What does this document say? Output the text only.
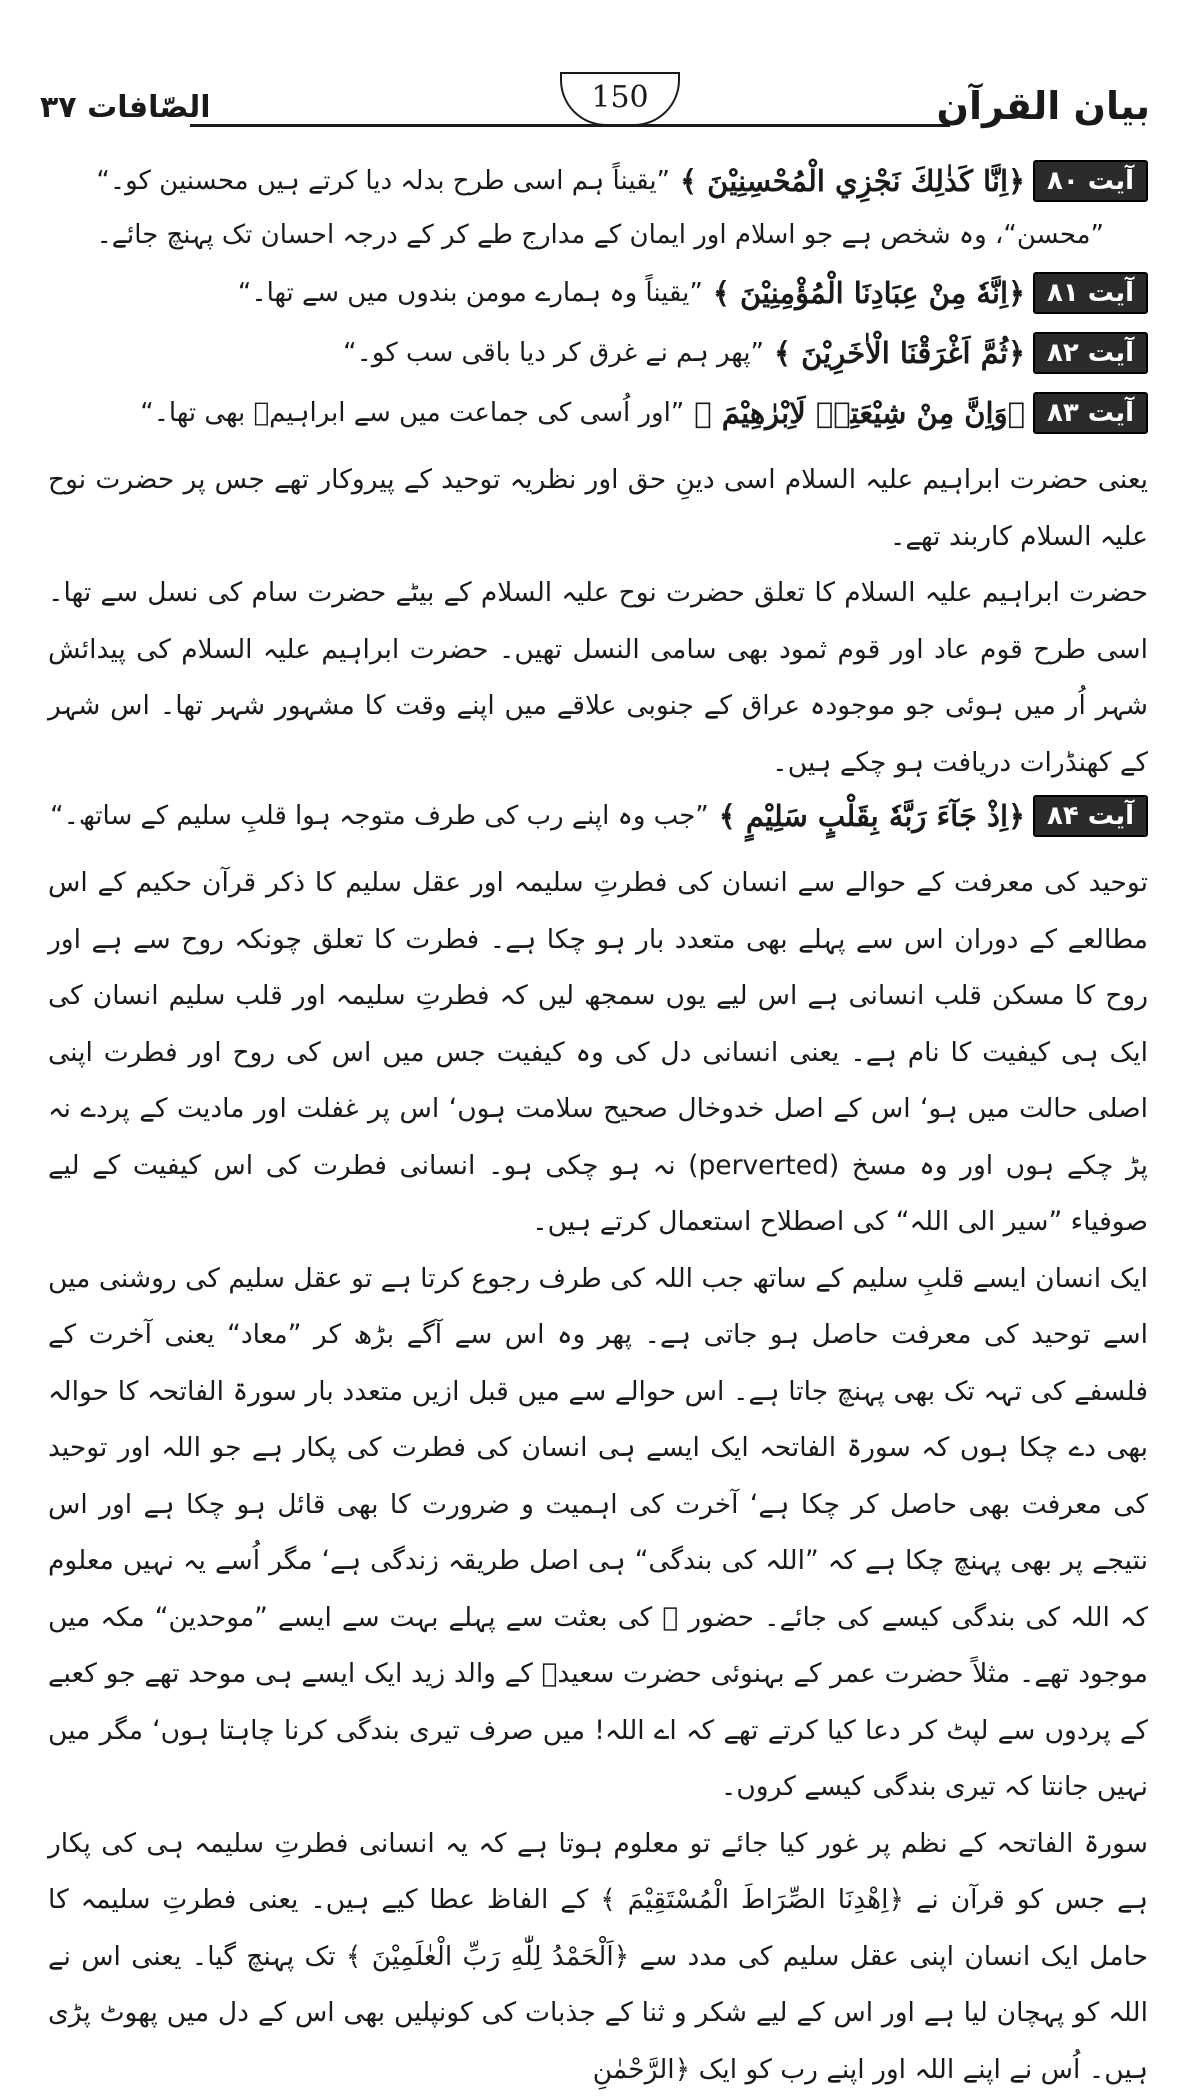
بیان القرآن
150
الصّافات ۳۷
آیت ۸۰
﴿اِنَّا كَذٰلِكَ نَجْزِي الْمُحْسِنِيْنَ ﴾
”یقیناً ہم اسی طرح بدلہ دیا کرتے ہیں محسنین کو۔“

”محسن“، وہ شخص ہے جو اسلام اور ایمان کے مدارج طے کر کے درجہ احسان تک پہنچ جائے۔

آیت ۸۱
﴿اِنَّهٗ مِنْ عِبَادِنَا الْمُؤْمِنِيْنَ ﴾
”یقیناً وہ ہمارے مومن بندوں میں سے تھا۔“
آیت ۸۲
﴿ثُمَّ اَغْرَقْنَا الْاٰخَرِيْنَ ﴾
”پھر ہم نے غرق کر دیا باقی سب کو۔“
آیت ۸۳
﴿وَاِنَّ مِنْ شِيْعَتِهٖ لَاِبْرٰهِيْمَ ﴾
”اور اُسی کی جماعت میں سے ابراہیمؑ بھی تھا۔“

یعنی حضرت ابراہیم علیہ السلام اسی دینِ حق اور نظریہ توحید کے پیروکار تھے جس پر حضرت نوح علیہ السلام کاربند تھے۔

حضرت ابراہیم علیہ السلام کا تعلق حضرت نوح علیہ السلام کے بیٹے حضرت سام کی نسل سے تھا۔ اسی طرح قوم عاد اور قوم ثمود بھی سامی النسل تھیں۔ حضرت ابراہیم علیہ السلام کی پیدائش شہر اُر میں ہوئی جو موجودہ عراق کے جنوبی علاقے میں اپنے وقت کا مشہور شہر تھا۔ اس شہر کے کھنڈرات دریافت ہو چکے ہیں۔

آیت ۸۴
﴿اِذْ جَآءَ رَبَّهٗ بِقَلْبٍ سَلِيْمٍ ﴾
”جب وہ اپنے رب کی طرف متوجہ ہوا قلبِ سلیم کے ساتھ۔“

توحید کی معرفت کے حوالے سے انسان کی فطرتِ سلیمہ اور عقل سلیم کا ذکر قرآن حکیم کے اس مطالعے کے دوران اس سے پہلے بھی متعدد بار ہو چکا ہے۔ فطرت کا تعلق چونکہ روح سے ہے اور روح کا مسکن قلب انسانی ہے اس لیے یوں سمجھ لیں کہ فطرتِ سلیمہ اور قلب سلیم انسان کی ایک ہی کیفیت کا نام ہے۔ یعنی انسانی دل کی وہ کیفیت جس میں اس کی روح اور فطرت اپنی اصلی حالت میں ہو‘ اس کے اصل خدوخال صحیح سلامت ہوں‘ اس پر غفلت اور مادیت کے پردے نہ پڑ چکے ہوں اور وہ مسخ (perverted) نہ ہو چکی ہو۔ انسانی فطرت کی اس کیفیت کے لیے صوفیاء ”سیر الی اللہ“ کی اصطلاح استعمال کرتے ہیں۔

ایک انسان ایسے قلبِ سلیم کے ساتھ جب اللہ کی طرف رجوع کرتا ہے تو عقل سلیم کی روشنی میں اسے توحید کی معرفت حاصل ہو جاتی ہے۔ پھر وہ اس سے آگے بڑھ کر ”معاد“ یعنی آخرت کے فلسفے کی تہہ تک بھی پہنچ جاتا ہے۔ اس حوالے سے میں قبل ازیں متعدد بار سورۃ الفاتحہ کا حوالہ بھی دے چکا ہوں کہ سورۃ الفاتحہ ایک ایسے ہی انسان کی فطرت کی پکار ہے جو اللہ اور توحید کی معرفت بھی حاصل کر چکا ہے‘ آخرت کی اہمیت و ضرورت کا بھی قائل ہو چکا ہے اور اس نتیجے پر بھی پہنچ چکا ہے کہ ”اللہ کی بندگی“ ہی اصل طریقہ زندگی ہے‘ مگر اُسے یہ نہیں معلوم کہ اللہ کی بندگی کیسے کی جائے۔ حضور ﷺ کی بعثت سے پہلے بہت سے ایسے ”موحدین“ مکہ میں موجود تھے۔ مثلاً حضرت عمر کے بہنوئی حضرت سعیدؓ کے والد زید ایک ایسے ہی موحد تھے جو کعبے کے پردوں سے لپٹ کر دعا کیا کرتے تھے کہ اے اللہ! میں صرف تیری بندگی کرنا چاہتا ہوں‘ مگر میں نہیں جانتا کہ تیری بندگی کیسے کروں۔

سورۃ الفاتحہ کے نظم پر غور کیا جائے تو معلوم ہوتا ہے کہ یہ انسانی فطرتِ سلیمہ ہی کی پکار ہے جس کو قرآن نے ﴿اِهْدِنَا الصِّرَاطَ الْمُسْتَقِيْمَ ﴾ کے الفاظ عطا کیے ہیں۔ یعنی فطرتِ سلیمہ کا حامل ایک انسان اپنی عقل سلیم کی مدد سے ﴿اَلْحَمْدُ لِلّٰهِ رَبِّ الْعٰلَمِيْنَ ﴾ تک پہنچ گیا۔ یعنی اس نے اللہ کو پہچان لیا ہے اور اس کے لیے شکر و ثنا کے جذبات کی کونپلیں بھی اس کے دل میں پھوٹ پڑی ہیں۔ اُس نے اپنے اللہ اور اپنے رب کو ایک ﴿الرَّحْمٰنِ
